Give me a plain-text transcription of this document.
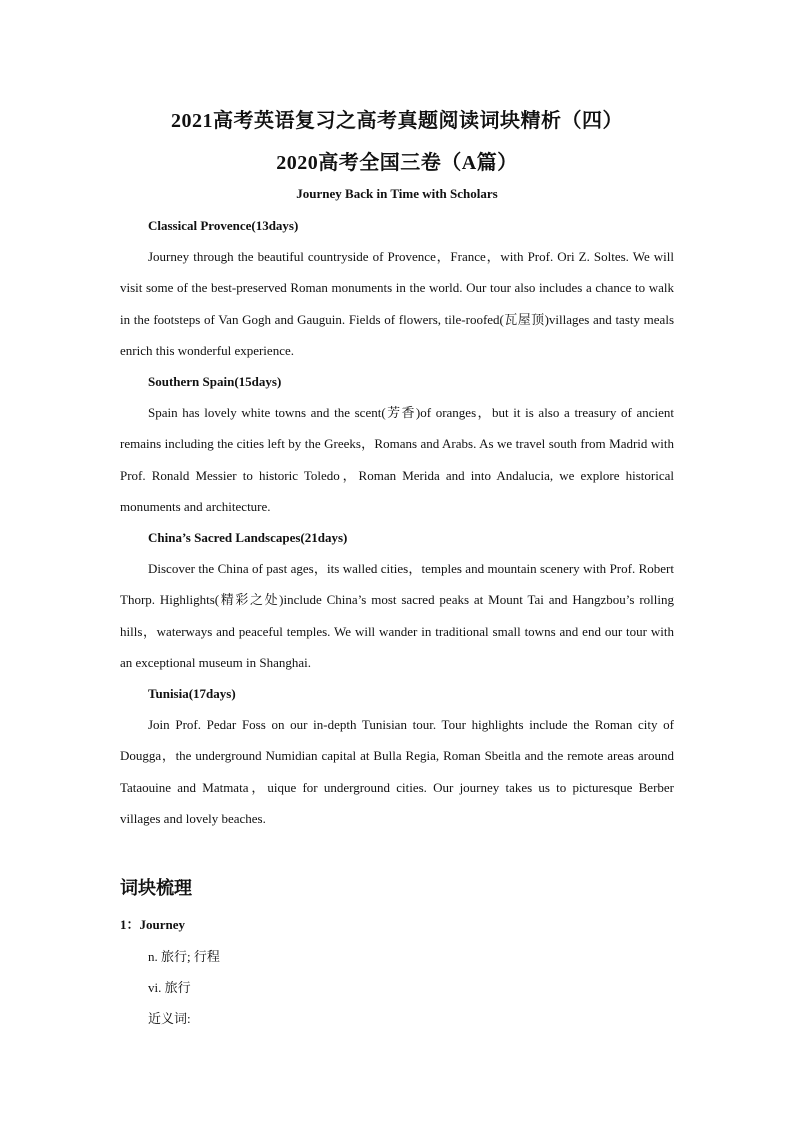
2021高考英语复习之高考真题阅读词块精析（四）
2020高考全国三卷（A篇）
Journey Back in Time with Scholars
Classical Provence(13days)

Journey through the beautiful countryside of Provence，France，with Prof. Ori Z. Soltes. We will visit some of the best-preserved Roman monuments in the world. Our tour also includes a chance to walk in the footsteps of Van Gogh and Gauguin. Fields of flowers, tile-roofed(瓦屋顶)villages and tasty meals enrich this wonderful experience.

Southern Spain(15days)

Spain has lovely white towns and the scent(芳香)of oranges，but it is also a treasury of ancient remains including the cities left by the Greeks，Romans and Arabs. As we travel south from Madrid with Prof. Ronald Messier to historic Toledo，Roman Merida and into Andalucia, we explore historical monuments and architecture.

China’s Sacred Landscapes(21days)

Discover the China of past ages，its walled cities，temples and mountain scenery with Prof. Robert Thorp. Highlights(精彩之处)include China’s most sacred peaks at Mount Tai and Hangzbou’s rolling hills，waterways and peaceful temples. We will wander in traditional small towns and end our tour with an exceptional museum in Shanghai.

Tunisia(17days)

Join Prof. Pedar Foss on our in-depth Tunisian tour. Tour highlights include the Roman city of Dougga，the underground Numidian capital at Bulla Regia, Roman Sbeitla and the remote areas around Tataouine and Matmata，uique for underground cities. Our journey takes us to picturesque Berber villages and lovely beaches.

词块梳理
1：Journey
n. 旅行; 行程
vi. 旅行
近义词:
